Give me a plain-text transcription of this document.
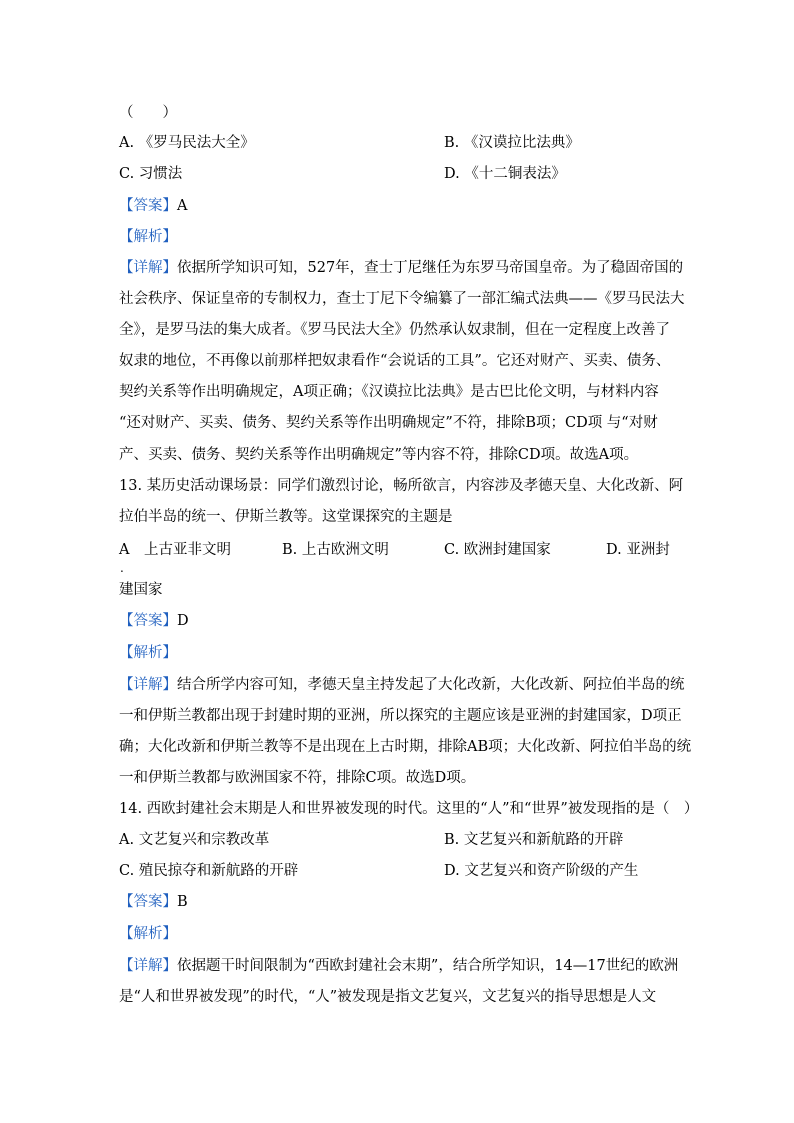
（　　）
A. 《罗马民法大全》	B. 《汉谟拉比法典》
C. 习惯法	D. 《十二铜表法》
【答案】A
【解析】
【详解】依据所学知识可知，527年，查士丁尼继任为东罗马帝国皇帝。为了稳固帝国的
社会秩序、保证皇帝的专制权力，查士丁尼下令编纂了一部汇编式法典——《罗马民法大
全》，是罗马法的集大成者。《罗马民法大全》仍然承认奴隶制，但在一定程度上改善了
奴隶的地位，不再像以前那样把奴隶看作“会说话的工具”。它还对财产、买卖、债务、
契约关系等作出明确规定，A项正确；《汉谟拉比法典》是古巴比伦文明，与材料内容
“还对财产、买卖、债务、契约关系等作出明确规定”不符，排除B项；CD项 与“对财
产、买卖、债务、契约关系等作出明确规定”等内容不符，排除CD项。故选A项。
13. 某历史活动课场景：同学们激烈讨论，畅所欲言，内容涉及孝德天皇、大化改新、阿
拉伯半岛的统一、伊斯兰教等。这堂课探究的主题是
A　上古亚非文明	B. 上古欧洲文明	C. 欧洲封建国家	D. 亚洲封
.
建国家
【答案】D
【解析】
【详解】结合所学内容可知，孝德天皇主持发起了大化改新，大化改新、阿拉伯半岛的统
一和伊斯兰教都出现于封建时期的亚洲，所以探究的主题应该是亚洲的封建国家，D项正
确；大化改新和伊斯兰教等不是出现在上古时期，排除AB项；大化改新、阿拉伯半岛的统
一和伊斯兰教都与欧洲国家不符，排除C项。故选D项。
14. 西欧封建社会末期是人和世界被发现的时代。这里的“人”和“世界”被发现指的是（　）
A. 文艺复兴和宗教改革	B. 文艺复兴和新航路的开辟
C. 殖民掠夺和新航路的开辟	D. 文艺复兴和资产阶级的产生
【答案】B
【解析】
【详解】依据题干时间限制为“西欧封建社会末期”，结合所学知识，14—17世纪的欧洲
是“人和世界被发现”的时代，“人”被发现是指文艺复兴，文艺复兴的指导思想是人文
